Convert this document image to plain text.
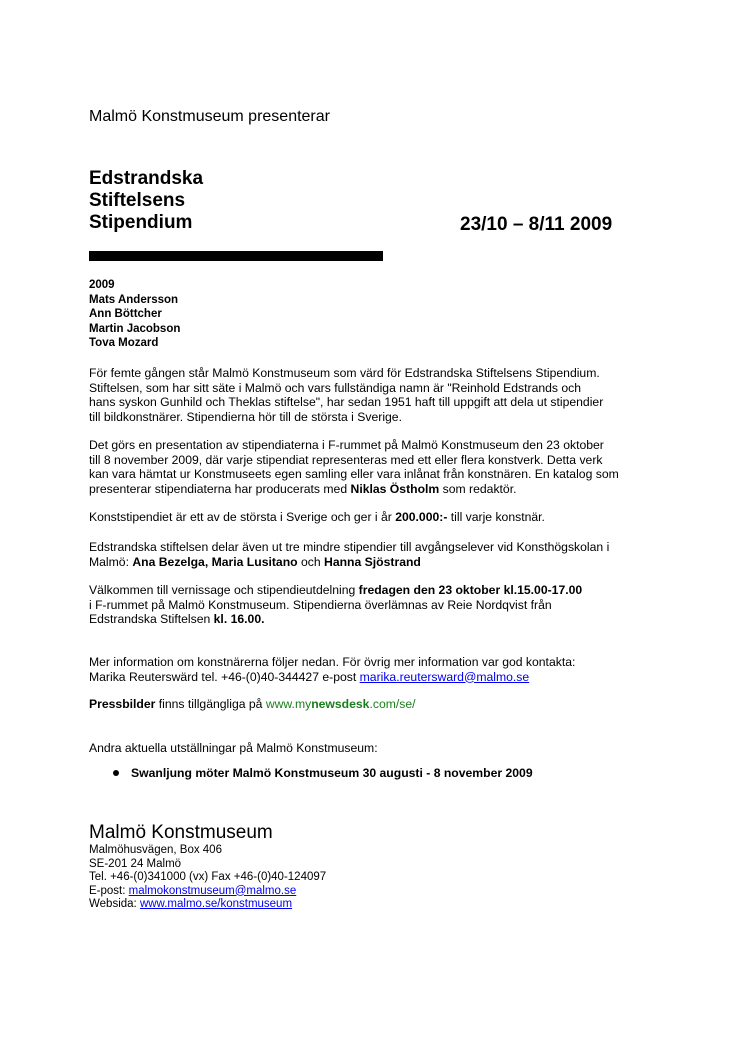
Malmö Konstmuseum presenterar
Edstrandska
Stiftelsens
Stipendium	23/10 – 8/11 2009
2009
Mats Andersson
Ann Böttcher
Martin Jacobson
Tova Mozard
För femte gången står Malmö Konstmuseum som värd för Edstrandska Stiftelsens Stipendium.
Stiftelsen, som har sitt säte i Malmö och vars fullständiga namn är "Reinhold Edstrands och
hans syskon Gunhild och Theklas stiftelse", har sedan 1951 haft till uppgift att dela ut stipendier
till bildkonstnärer. Stipendierna hör till de största i Sverige.
Det görs en presentation av stipendiaterna i F-rummet på Malmö Konstmuseum den 23 oktober
till 8 november 2009, där varje stipendiat representeras med ett eller flera konstverk. Detta verk
kan vara hämtat ur Konstmuseets egen samling eller vara inlånat från konstnären. En katalog som
presenterar stipendiaterna har producerats med Niklas Östholm som redaktör.
Konststipendiet är ett av de största i Sverige och ger i år 200.000:- till varje konstnär.
Edstrandska stiftelsen delar även ut tre mindre stipendier till avgångselever vid Konsthögskolan i
Malmö: Ana Bezelga, Maria Lusitano och Hanna Sjöstrand
Välkommen till vernissage och stipendieutdelning fredagen den 23 oktober kl.15.00-17.00
i F-rummet på Malmö Konstmuseum. Stipendierna överlämnas av Reie Nordqvist från
Edstrandska Stiftelsen kl. 16.00.
Mer information om konstnärerna följer nedan. För övrig mer information var god kontakta:
Marika Reuterswärd tel. +46-(0)40-344427 e-post marika.reutersward@malmo.se
Pressbilder finns tillgängliga på www.mynewsdesk.com/se/
Andra aktuella utställningar på Malmö Konstmuseum:
Swanljung möter Malmö Konstmuseum 30 augusti - 8 november 2009
Malmö Konstmuseum
Malmöhusvägen, Box 406
SE-201 24 Malmö
Tel. +46-(0)341000 (vx) Fax +46-(0)40-124097
E-post: malmokonstmuseum@malmo.se
Websida: www.malmo.se/konstmuseum
